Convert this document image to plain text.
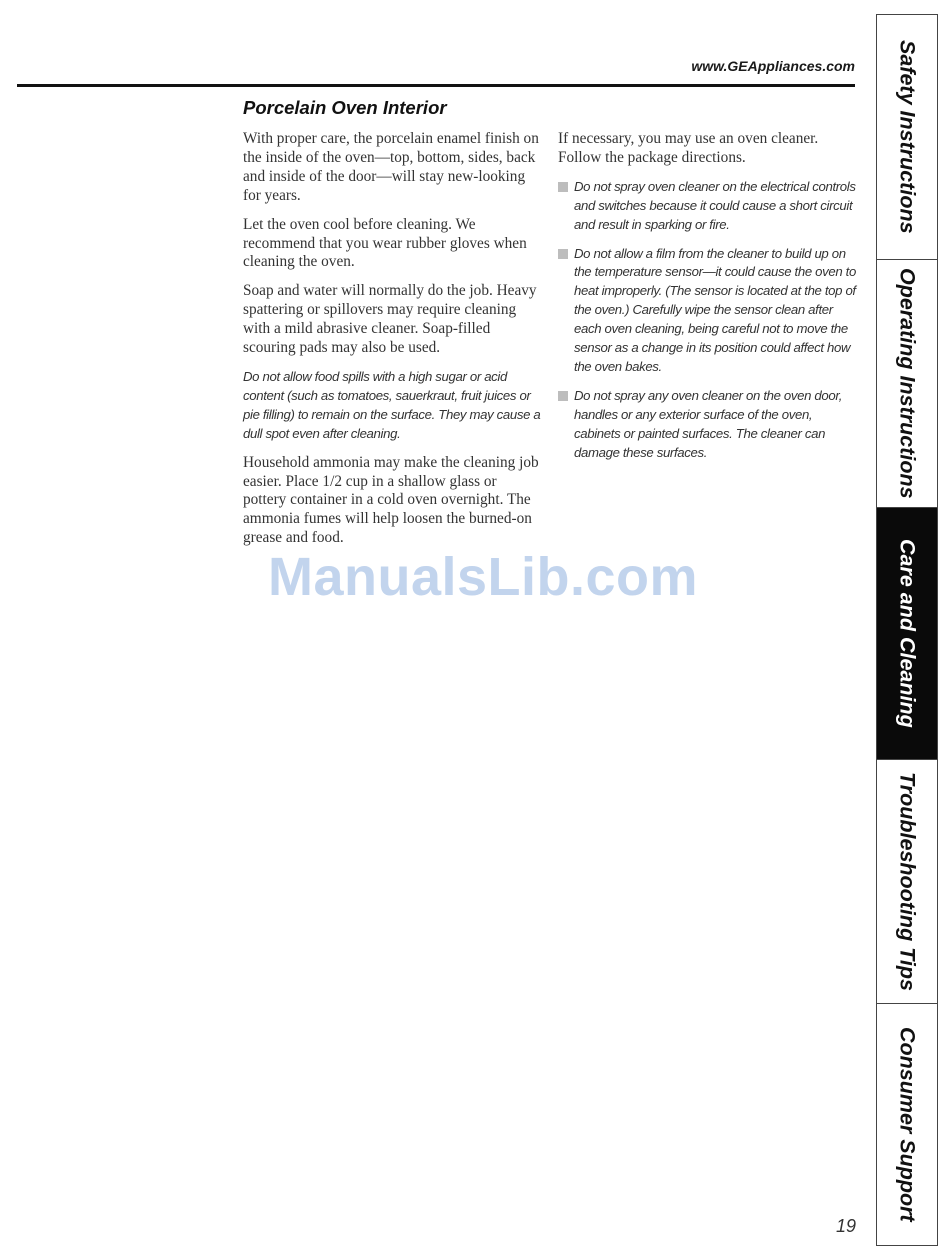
www.GEAppliances.com
Porcelain Oven Interior

With proper care, the porcelain enamel finish on the inside of the oven—top, bottom, sides, back and inside of the door—will stay new-looking for years.

Let the oven cool before cleaning. We recommend that you wear rubber gloves when cleaning the oven.

Soap and water will normally do the job. Heavy spattering or spillovers may require cleaning with a mild abrasive cleaner. Soap-filled scouring pads may also be used.

Do not allow food spills with a high sugar or acid content (such as tomatoes, sauerkraut, fruit juices or pie filling) to remain on the surface. They may cause a dull spot even after cleaning.

Household ammonia may make the cleaning job easier. Place 1/2 cup in a shallow glass or pottery container in a cold oven overnight. The ammonia fumes will help loosen the burned-on grease and food.

If necessary, you may use an oven cleaner. Follow the package directions.

Do not spray oven cleaner on the electrical controls and switches because it could cause a short circuit and result in sparking or fire.

Do not allow a film from the cleaner to build up on the temperature sensor—it could cause the oven to heat improperly. (The sensor is located at the top of the oven.) Carefully wipe the sensor clean after each oven cleaning, being careful not to move the sensor as a change in its position could affect how the oven bakes.

Do not spray any oven cleaner on the oven door, handles or any exterior surface of the oven, cabinets or painted surfaces. The cleaner can damage these surfaces.

ManualsLib.com
Safety Instructions
Operating Instructions
Care and Cleaning
Troubleshooting Tips
Consumer Support
19
